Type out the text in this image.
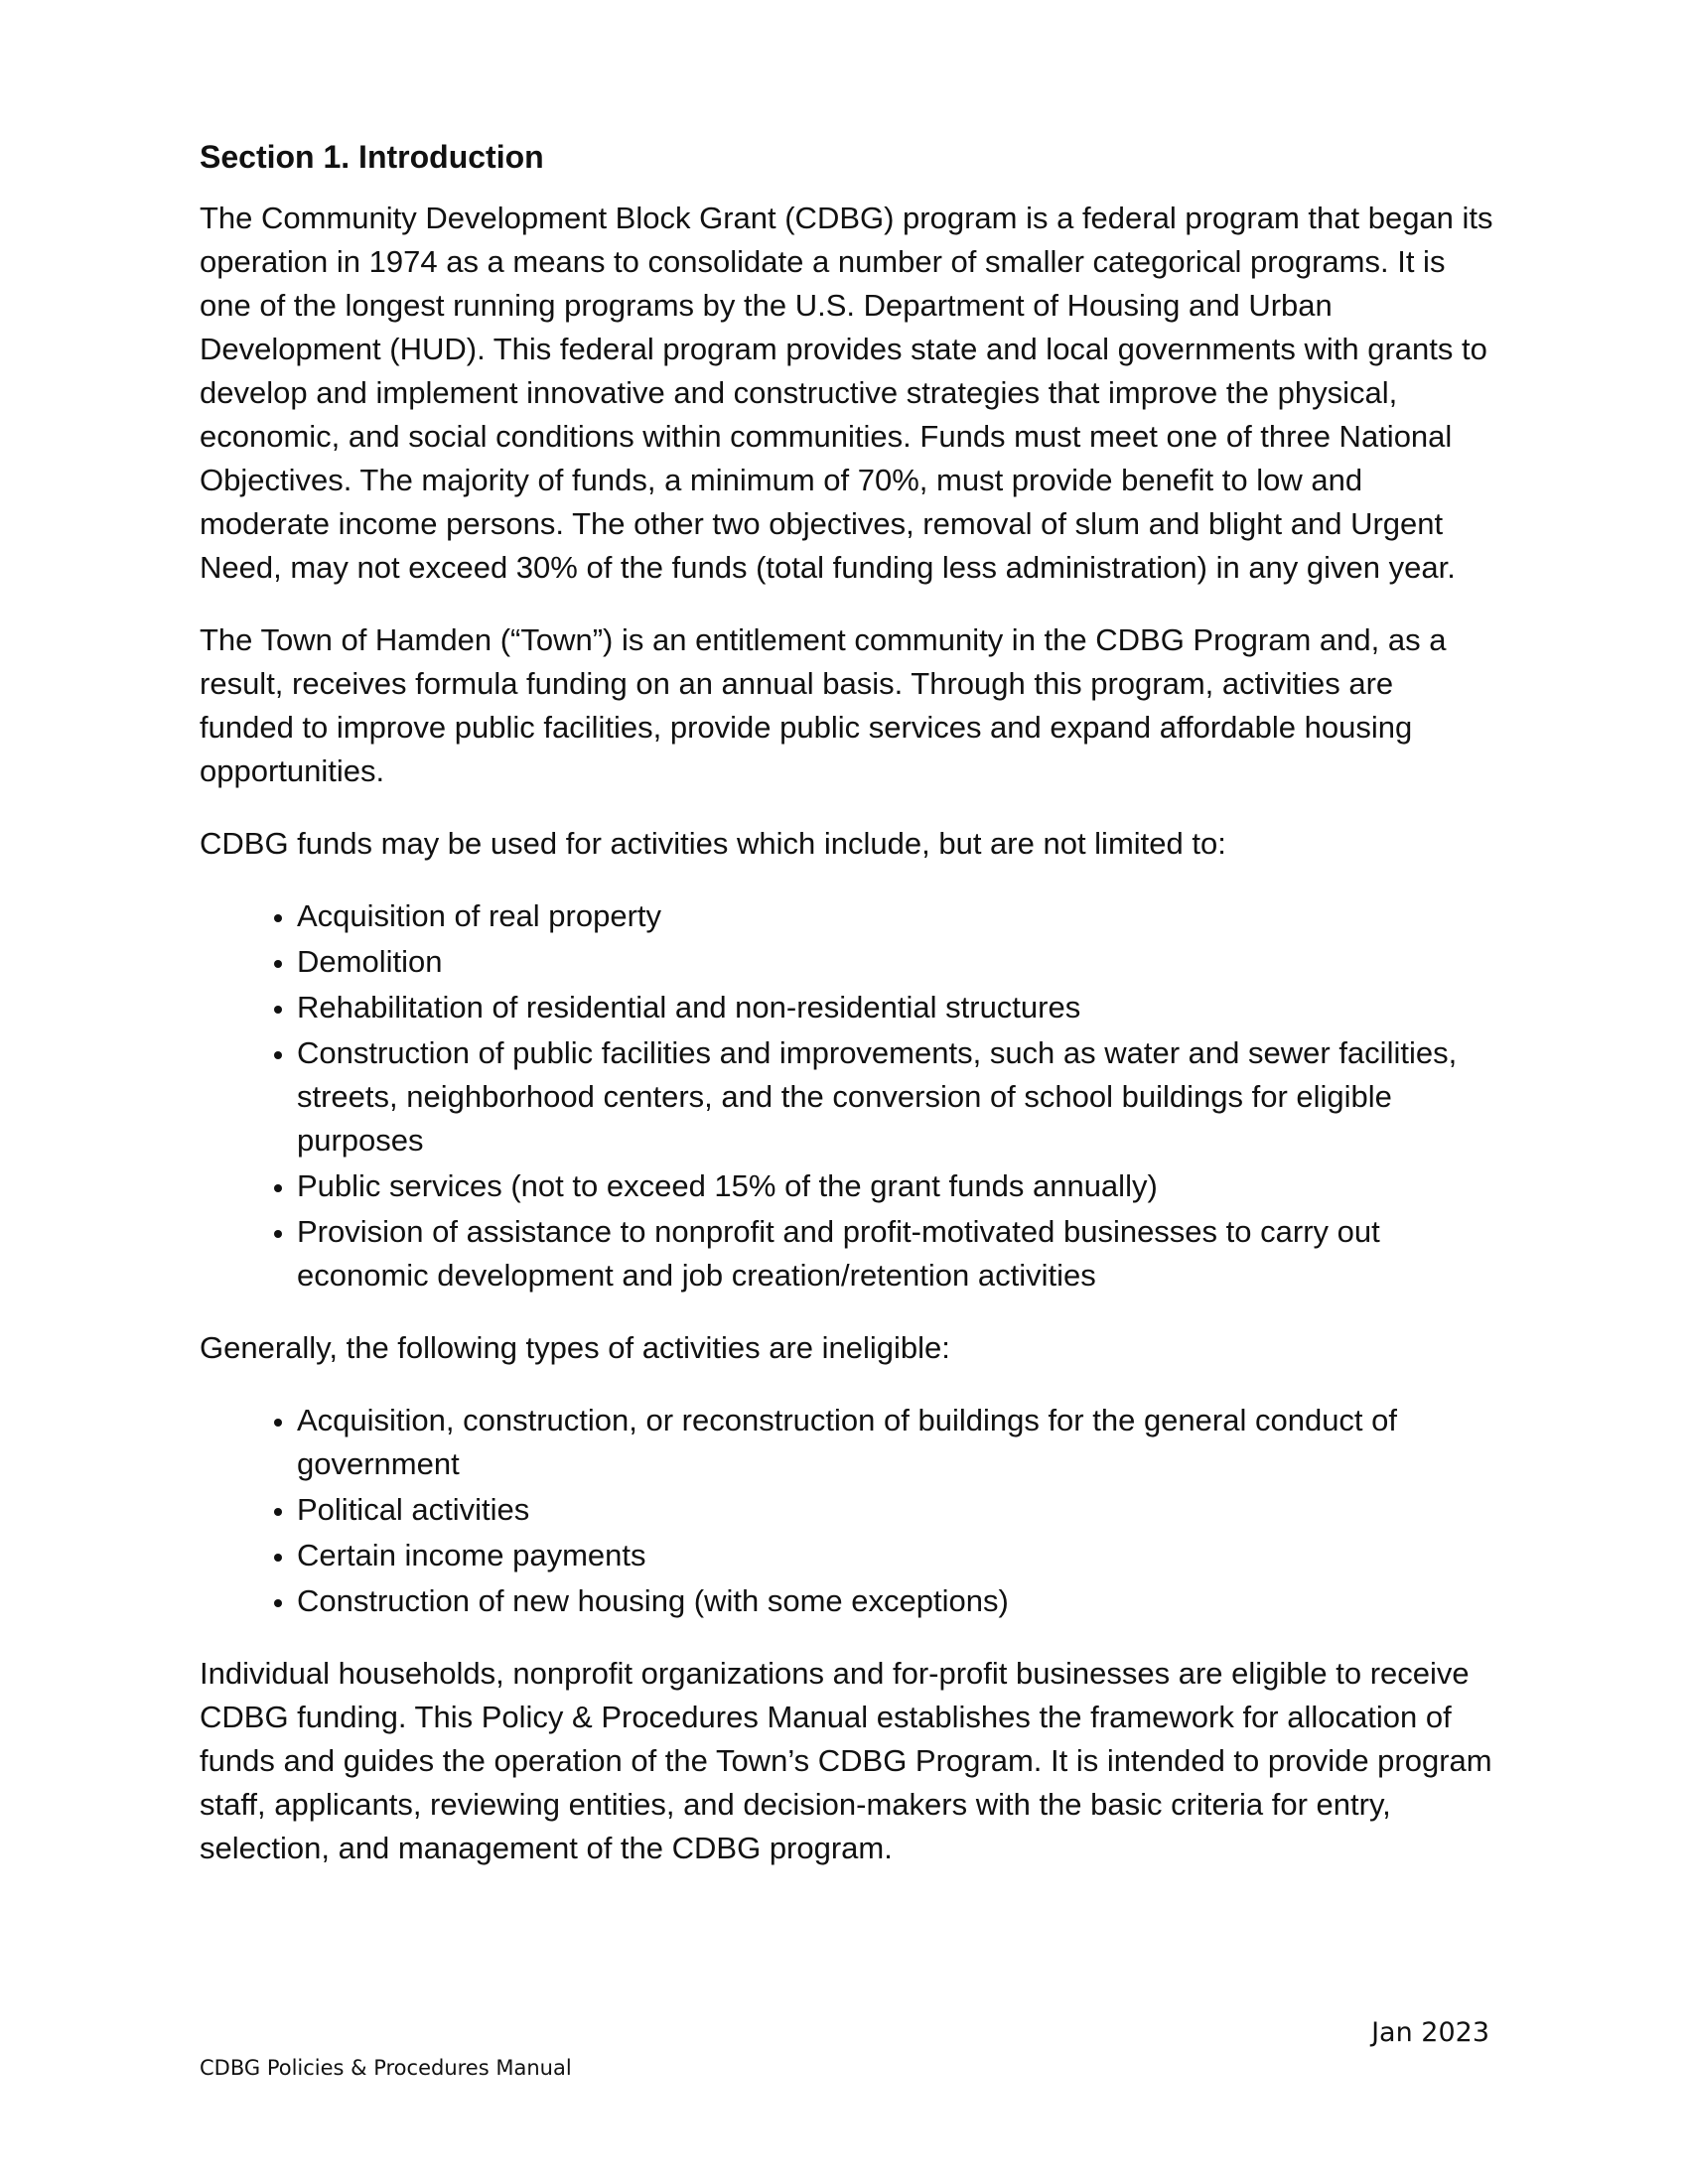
Section 1. Introduction

The Community Development Block Grant (CDBG) program is a federal program that began its operation in 1974 as a means to consolidate a number of smaller categorical programs. It is one of the longest running programs by the U.S. Department of Housing and Urban Development (HUD). This federal program provides state and local governments with grants to develop and implement innovative and constructive strategies that improve the physical, economic, and social conditions within communities. Funds must meet one of three National Objectives. The majority of funds, a minimum of 70%, must provide benefit to low and moderate income persons. The other two objectives, removal of slum and blight and Urgent Need, may not exceed 30% of the funds (total funding less administration) in any given year.

The Town of Hamden (“Town”) is an entitlement community in the CDBG Program and, as a result, receives formula funding on an annual basis. Through this program, activities are funded to improve public facilities, provide public services and expand affordable housing opportunities.

CDBG funds may be used for activities which include, but are not limited to:

• Acquisition of real property
• Demolition
• Rehabilitation of residential and non-residential structures
• Construction of public facilities and improvements, such as water and sewer facilities, streets, neighborhood centers, and the conversion of school buildings for eligible purposes
• Public services (not to exceed 15% of the grant funds annually)
• Provision of assistance to nonprofit and profit-motivated businesses to carry out economic development and job creation/retention activities

Generally, the following types of activities are ineligible:

• Acquisition, construction, or reconstruction of buildings for the general conduct of government
• Political activities
• Certain income payments
• Construction of new housing (with some exceptions)

Individual households, nonprofit organizations and for-profit businesses are eligible to receive CDBG funding. This Policy & Procedures Manual establishes the framework for allocation of funds and guides the operation of the Town’s CDBG Program. It is intended to provide program staff, applicants, reviewing entities, and decision-makers with the basic criteria for entry, selection, and management of the CDBG program.

Jan 2023
CDBG Policies & Procedures Manual
